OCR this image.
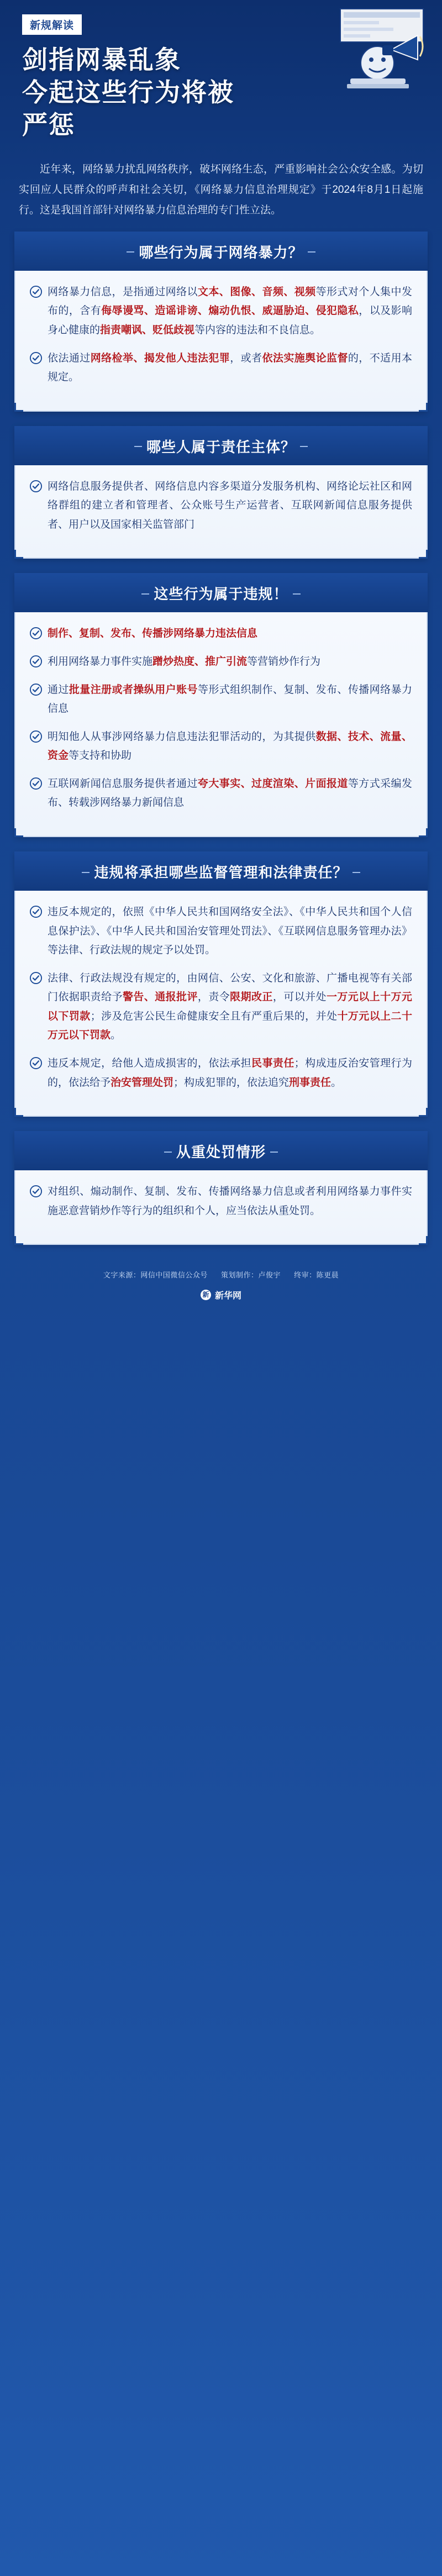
新规解读
剑指网暴乱象
今起这些行为将被
严惩
近年来，网络暴力扰乱网络秩序，破坏网络生态，严重影响社会公众安全感。为切实回应人民群众的呼声和社会关切，《网络暴力信息治理规定》于2024年8月1日起施行。这是我国首部针对网络暴力信息治理的专门性立法。
哪些行为属于网络暴力？
网络暴力信息，是指通过网络以文本、图像、音频、视频等形式对个人集中发布的，含有侮辱谩骂、造谣诽谤、煽动仇恨、威逼胁迫、侵犯隐私，以及影响身心健康的指责嘲讽、贬低歧视等内容的违法和不良信息。
依法通过网络检举、揭发他人违法犯罪，或者依法实施舆论监督的，不适用本规定。
哪些人属于责任主体？
网络信息服务提供者、网络信息内容多渠道分发服务机构、网络论坛社区和网络群组的建立者和管理者、公众账号生产运营者、互联网新闻信息服务提供者、用户以及国家相关监管部门
这些行为属于违规！
制作、复制、发布、传播涉网络暴力违法信息
利用网络暴力事件实施蹭炒热度、推广引流等营销炒作行为
通过批量注册或者操纵用户账号等形式组织制作、复制、发布、传播网络暴力信息
明知他人从事涉网络暴力信息违法犯罪活动的，为其提供数据、技术、流量、资金等支持和协助
互联网新闻信息服务提供者通过夸大事实、过度渲染、片面报道等方式采编发布、转载涉网络暴力新闻信息
违规将承担哪些监督管理和法律责任？
违反本规定的，依照《中华人民共和国网络安全法》、《中华人民共和国个人信息保护法》、《中华人民共和国治安管理处罚法》、《互联网信息服务管理办法》等法律、行政法规的规定予以处罚。
法律、行政法规没有规定的，由网信、公安、文化和旅游、广播电视等有关部门依据职责给予警告、通报批评，责令限期改正，可以并处一万元以上十万元以下罚款；涉及危害公民生命健康安全且有严重后果的，并处十万元以上二十万元以下罚款。
违反本规定，给他人造成损害的，依法承担民事责任；构成违反治安管理行为的，依法给予治安管理处罚；构成犯罪的，依法追究刑事责任。
从重处罚情形
对组织、煽动制作、复制、发布、传播网络暴力信息或者利用网络暴力事件实施恶意营销炒作等行为的组织和个人，应当依法从重处罚。
文字来源：网信中国微信公众号 策划制作：卢俊宇 终审：陈更晨
新 新华网
